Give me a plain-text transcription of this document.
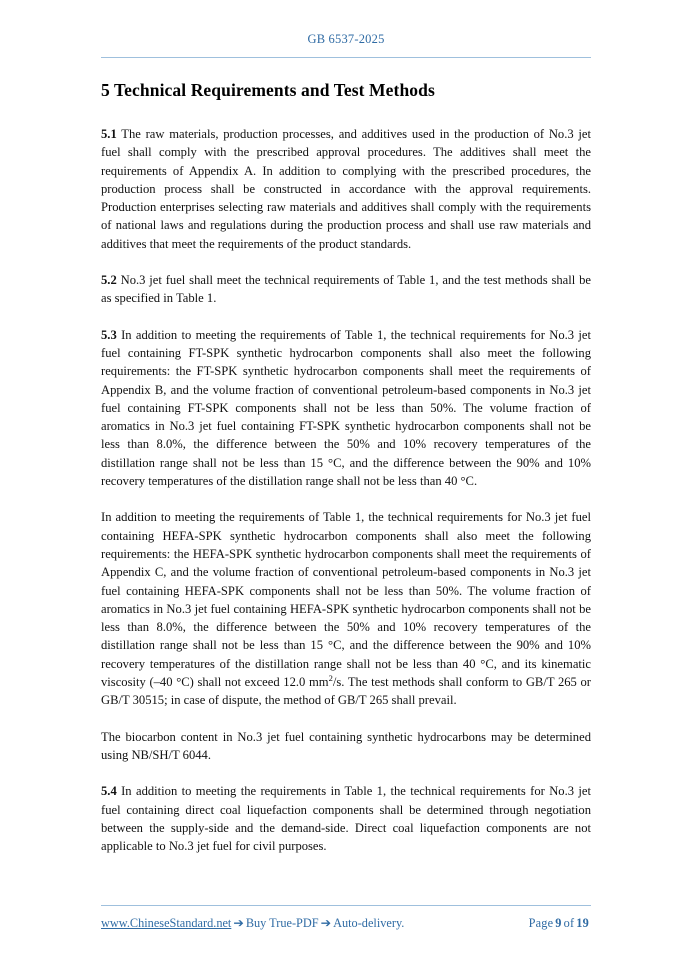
GB 6537-2025
5 Technical Requirements and Test Methods

5.1 The raw materials, production processes, and additives used in the production of No.3 jet fuel shall comply with the prescribed approval procedures. The additives shall meet the requirements of Appendix A. In addition to complying with the prescribed procedures, the production process shall be constructed in accordance with the approval requirements. Production enterprises selecting raw materials and additives shall comply with the requirements of national laws and regulations during the production process and shall use raw materials and additives that meet the requirements of the product standards.

5.2 No.3 jet fuel shall meet the technical requirements of Table 1, and the test methods shall be as specified in Table 1.

5.3 In addition to meeting the requirements of Table 1, the technical requirements for No.3 jet fuel containing FT-SPK synthetic hydrocarbon components shall also meet the following requirements: the FT-SPK synthetic hydrocarbon components shall meet the requirements of Appendix B, and the volume fraction of conventional petroleum-based components in No.3 jet fuel containing FT-SPK components shall not be less than 50%. The volume fraction of aromatics in No.3 jet fuel containing FT-SPK synthetic hydrocarbon components shall not be less than 8.0%, the difference between the 50% and 10% recovery temperatures of the distillation range shall not be less than 15 °C, and the difference between the 90% and 10% recovery temperatures of the distillation range shall not be less than 40 °C.

In addition to meeting the requirements of Table 1, the technical requirements for No.3 jet fuel containing HEFA-SPK synthetic hydrocarbon components shall also meet the following requirements: the HEFA-SPK synthetic hydrocarbon components shall meet the requirements of Appendix C, and the volume fraction of conventional petroleum-based components in No.3 jet fuel containing HEFA-SPK components shall not be less than 50%. The volume fraction of aromatics in No.3 jet fuel containing HEFA-SPK synthetic hydrocarbon components shall not be less than 8.0%, the difference between the 50% and 10% recovery temperatures of the distillation range shall not be less than 15 °C, and the difference between the 90% and 10% recovery temperatures of the distillation range shall not be less than 40 °C, and its kinematic viscosity (–40 °C) shall not exceed 12.0 $mm^2/s$. The test methods shall conform to GB/T 265 or GB/T 30515; in case of dispute, the method of GB/T 265 shall prevail.

The biocarbon content in No.3 jet fuel containing synthetic hydrocarbons may be determined using NB/SH/T 6044.

5.4 In addition to meeting the requirements in Table 1, the technical requirements for No.3 jet fuel containing direct coal liquefaction components shall be determined through negotiation between the supply-side and the demand-side. Direct coal liquefaction components are not applicable to No.3 jet fuel for civil purposes.

www.ChineseStandard.net ➔ Buy True-PDF ➔ Auto-delivery.	Page 9 of 19
